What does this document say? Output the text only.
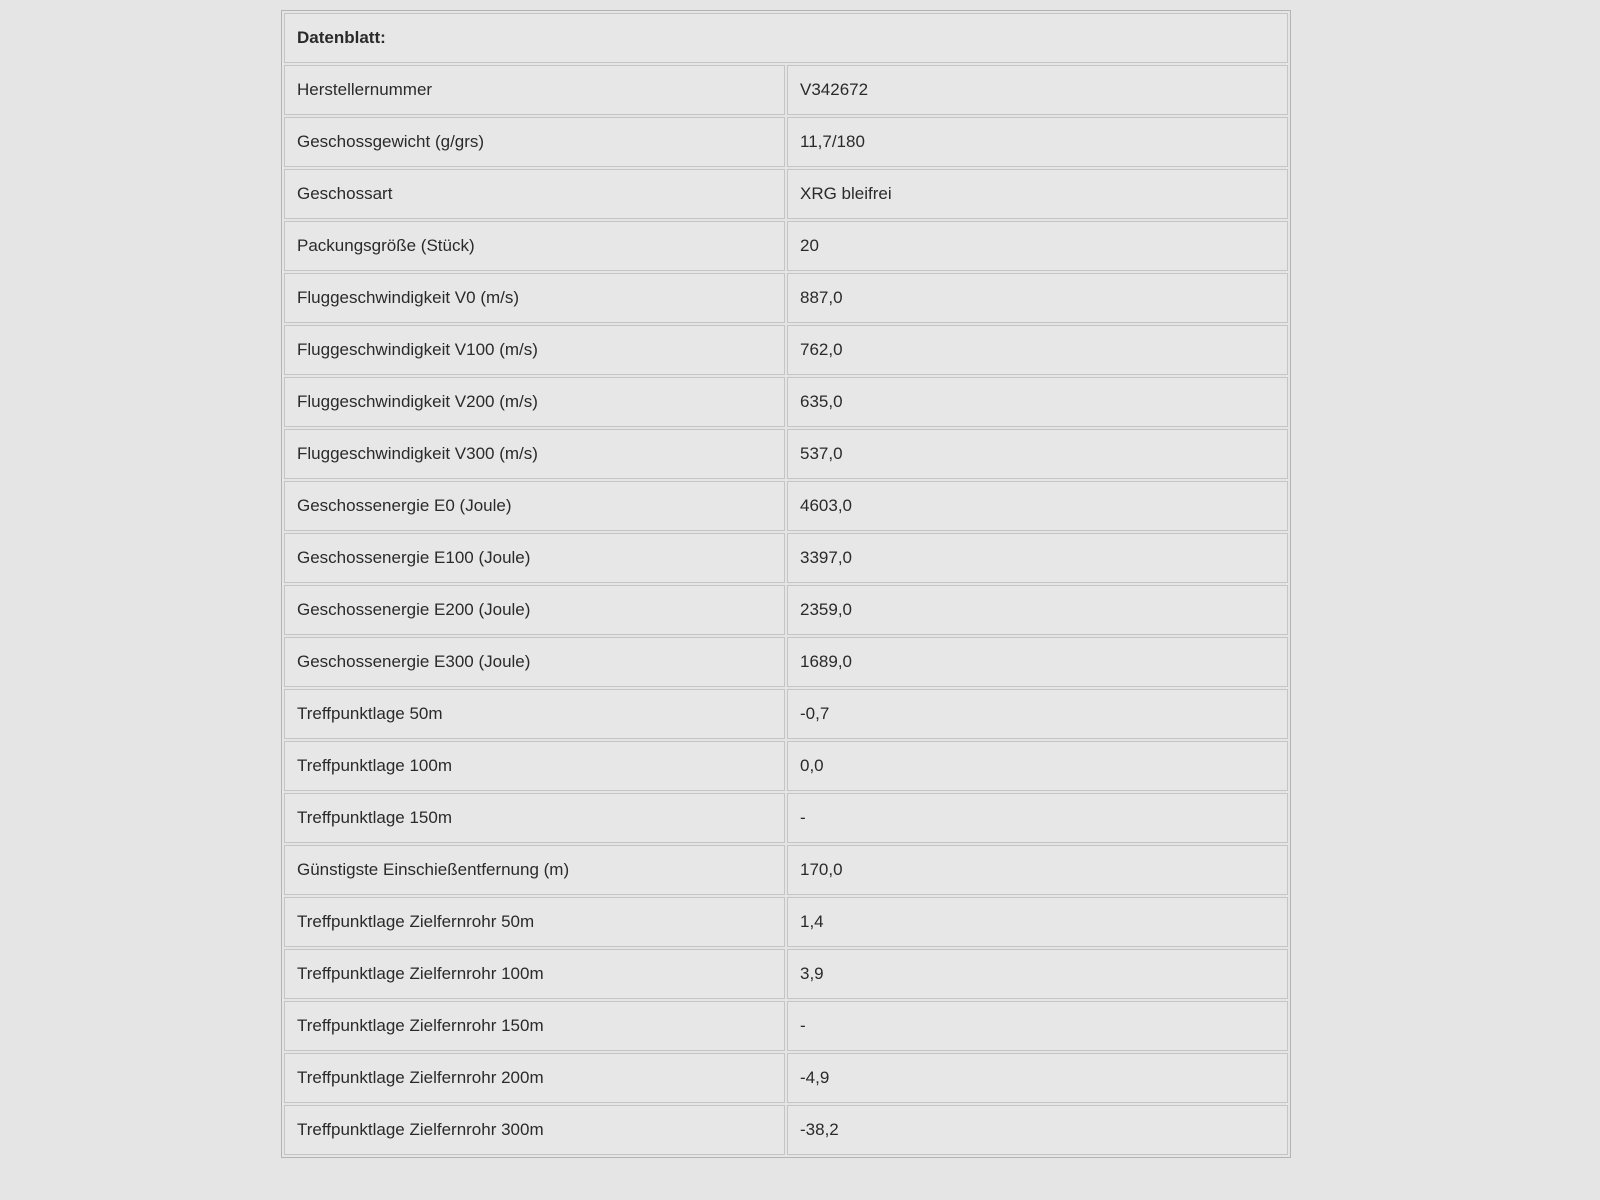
Datenblatt:	
Herstellernummer	V342672
Geschossgewicht (g/grs)	11,7/180
Geschossart	XRG bleifrei
Packungsgröße (Stück)	20
Fluggeschwindigkeit V0 (m/s)	887,0
Fluggeschwindigkeit V100 (m/s)	762,0
Fluggeschwindigkeit V200 (m/s)	635,0
Fluggeschwindigkeit V300 (m/s)	537,0
Geschossenergie E0 (Joule)	4603,0
Geschossenergie E100 (Joule)	3397,0
Geschossenergie E200 (Joule)	2359,0
Geschossenergie E300 (Joule)	1689,0
Treffpunktlage 50m	-0,7
Treffpunktlage 100m	0,0
Treffpunktlage 150m	-
Günstigste Einschießentfernung (m)	170,0
Treffpunktlage Zielfernrohr 50m	1,4
Treffpunktlage Zielfernrohr 100m	3,9
Treffpunktlage Zielfernrohr 150m	-
Treffpunktlage Zielfernrohr 200m	-4,9
Treffpunktlage Zielfernrohr 300m	-38,2
